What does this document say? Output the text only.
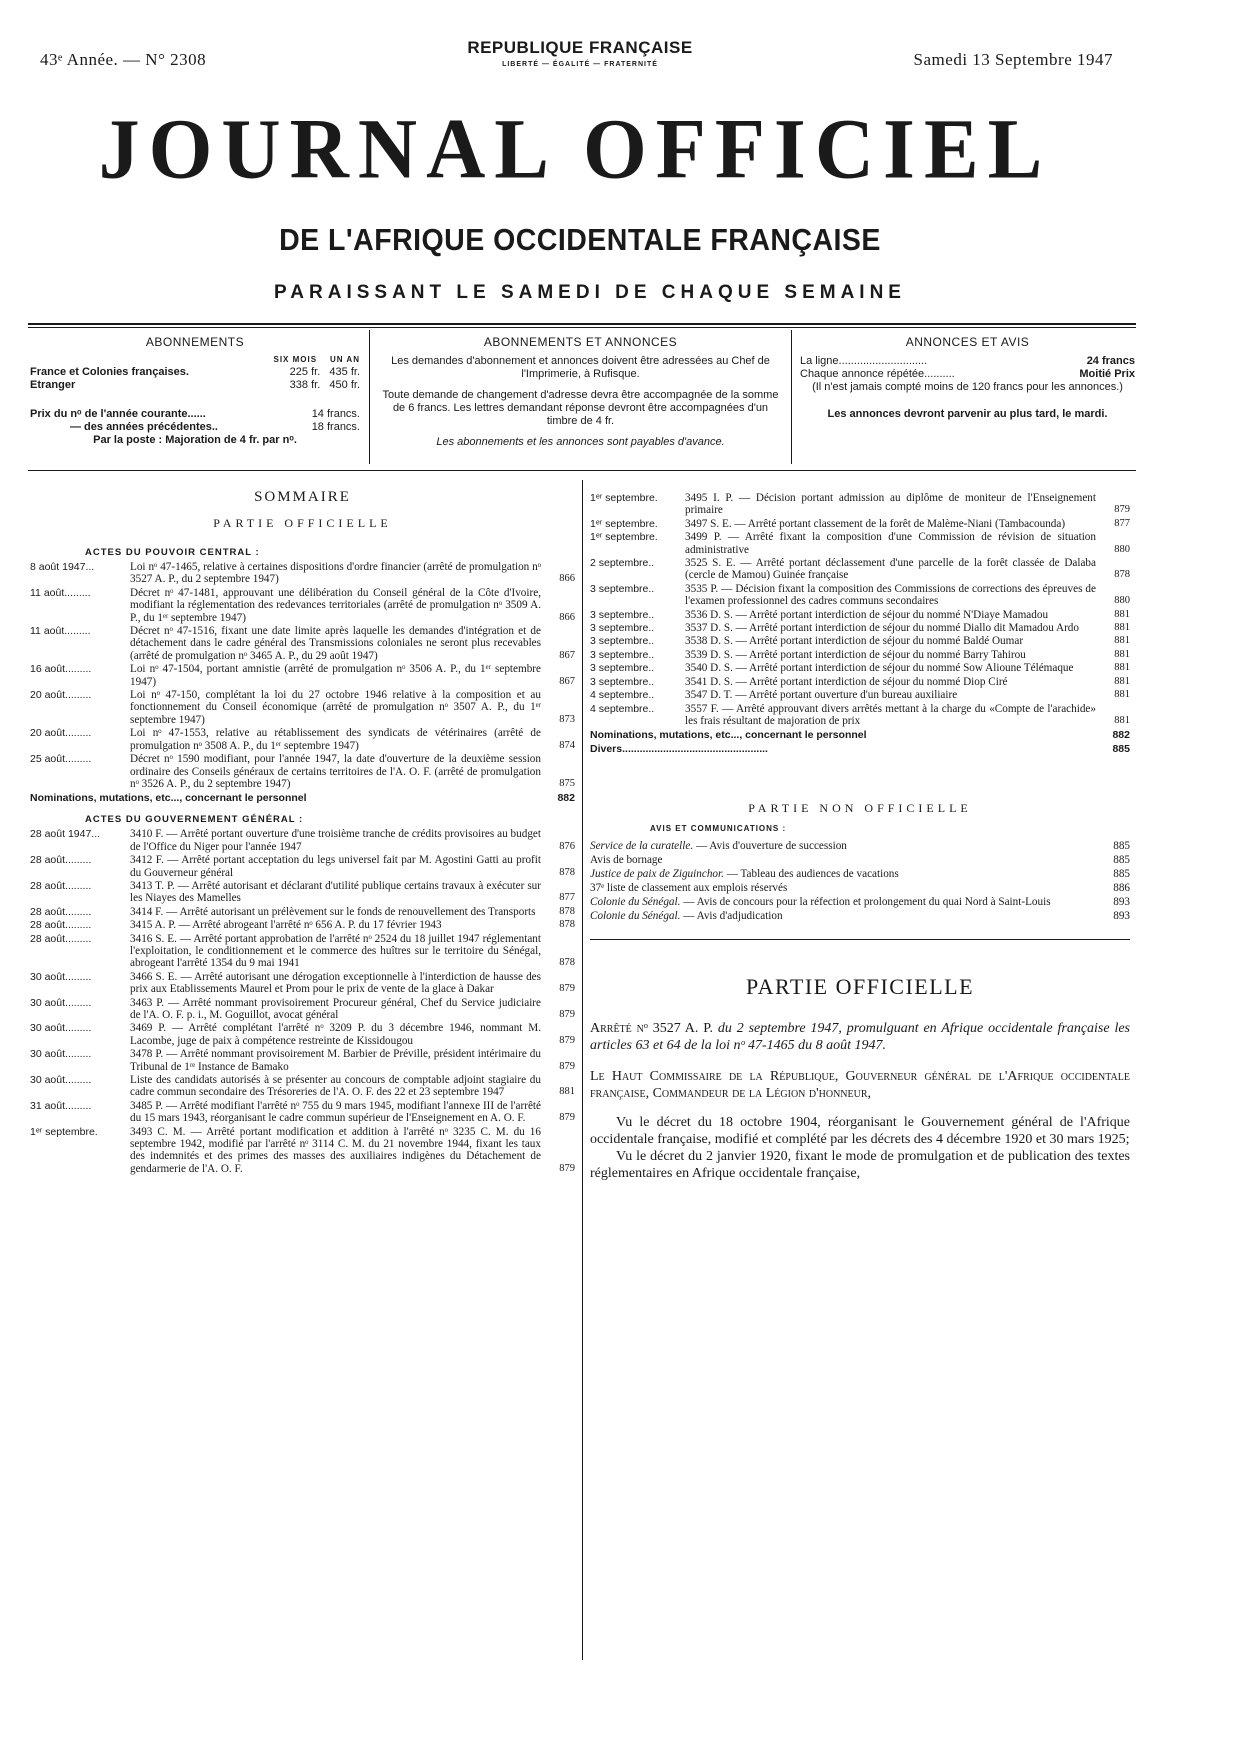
43ᵉ Année. — N° 2308
REPUBLIQUE FRANÇAISE
LIBERTÉ — ÉGALITÉ — FRATERNITÉ	Samedi 13 Septembre 1947
JOURNAL OFFICIEL
DE L'AFRIQUE OCCIDENTALE FRANÇAISE
PARAISSANT LE SAMEDI DE CHAQUE SEMAINE
ABONNEMENTS
SIX MOIS UN AN
France et Colonies françaises.	225 fr. 435 fr.
Etranger	338 fr. 450 fr.
Prix du nᵒ de l'année courante......	14 francs.
— des années précédentes..	18 francs.
Par la poste : Majoration de 4 fr. par nᵒ.
ABONNEMENTS ET ANNONCES

Les demandes d'abonnement et annonces doivent être adressées au Chef de l'Imprimerie, à Rufisque.

Toute demande de changement d'adresse devra être accompagnée de la somme de 6 francs. Les lettres demandant réponse devront être accompagnées d'un timbre de 4 fr.

Les abonnements et les annonces sont payables d'avance.

ANNONCES ET AVIS
La ligne.............................	24 francs
Chaque annonce répétée..........	Moitié Prix

(Il n'est jamais compté moins de 120 francs pour les annonces.)

Les annonces devront parvenir au plus tard, le mardi.

SOMMAIRE
PARTIE OFFICIELLE
ACTES DU POUVOIR CENTRAL :
8 août 1947...	Loi nᵒ 47-1465, relative à certaines dispositions d'ordre financier (arrêté de promulgation nᵒ 3527 A. P., du 2 septembre 1947)	866
11 août.........	Décret nᵒ 47-1481, approuvant une délibération du Conseil général de la Côte d'Ivoire, modifiant la réglementation des redevances territoriales (arrêté de promulgation nᵒ 3509 A. P., du 1ᵉʳ septembre 1947)	866
11 août.........	Décret nᵒ 47-1516, fixant une date limite après laquelle les demandes d'intégration et de détachement dans le cadre général des Transmissions coloniales ne seront plus recevables (arrêté de promulgation nᵒ 3465 A. P., du 29 août 1947)	867
16 août.........	Loi nᵒ 47-1504, portant amnistie (arrêté de promulgation nᵒ 3506 A. P., du 1ᵉʳ septembre 1947)	867
20 août.........	Loi nᵒ 47-150, complétant la loi du 27 octobre 1946 relative à la composition et au fonctionnement du Conseil économique (arrêté de promulgation nᵒ 3507 A. P., du 1ᵉʳ septembre 1947)	873
20 août.........	Loi nᵒ 47-1553, relative au rétablissement des syndicats de vétérinaires (arrêté de promulgation nᵒ 3508 A. P., du 1ᵉʳ septembre 1947)	874
25 août.........	Décret nᵒ 1590 modifiant, pour l'année 1947, la date d'ouverture de la deuxième session ordinaire des Conseils généraux de certains territoires de l'A. O. F. (arrêté de promulgation nᵒ 3526 A. P., du 2 septembre 1947)	875
Nominations, mutations, etc..., concernant le personnel	882
ACTES DU GOUVERNEMENT GÉNÉRAL :
28 août 1947...	3410 F. — Arrêté portant ouverture d'une troisième tranche de crédits provisoires au budget de l'Office du Niger pour l'année 1947	876
28 août.........	3412 F. — Arrêté portant acceptation du legs universel fait par M. Agostini Gatti au profit du Gouverneur général	878
28 août.........	3413 T. P. — Arrêté autorisant et déclarant d'utilité publique certains travaux à exécuter sur les Niayes des Mamelles	877
28 août.........	3414 F. — Arrêté autorisant un prélèvement sur le fonds de renouvellement des Transports	878
28 août.........	3415 A. P. — Arrêté abrogeant l'arrêté nᵒ 656 A. P. du 17 février 1943	878
28 août.........	3416 S. E. — Arrêté portant approbation de l'arrêté nᵒ 2524 du 18 juillet 1947 réglementant l'exploitation, le conditionnement et le commerce des huîtres sur le territoire du Sénégal, abrogeant l'arrêté 1354 du 9 mai 1941	878
30 août.........	3466 S. E. — Arrêté autorisant une dérogation exceptionnelle à l'interdiction de hausse des prix aux Etablissements Maurel et Prom pour le prix de vente de la glace à Dakar	879
30 août.........	3463 P. — Arrêté nommant provisoirement Procureur général, Chef du Service judiciaire de l'A. O. F. p. i., M. Goguillot, avocat général	879
30 août.........	3469 P. — Arrêté complétant l'arrêté nᵒ 3209 P. du 3 décembre 1946, nommant M. Lacombe, juge de paix à compétence restreinte de Kissidougou	879
30 août.........	3478 P. — Arrêté nommant provisoirement M. Barbier de Préville, président intérimaire du Tribunal de 1ʳᵉ Instance de Bamako	879
30 août.........	Liste des candidats autorisés à se présenter au concours de comptable adjoint stagiaire du cadre commun secondaire des Trésoreries de l'A. O. F. des 22 et 23 septembre 1947	881
31 août.........	3485 P. — Arrêté modifiant l'arrêté nᵒ 755 du 9 mars 1945, modifiant l'annexe III de l'arrêté du 15 mars 1943, réorganisant le cadre commun supérieur de l'Enseignement en A. O. F.	879
1ᵉʳ septembre.	3493 C. M. — Arrêté portant modification et addition à l'arrêté nᵒ 3235 C. M. du 16 septembre 1942, modifié par l'arrêté nᵒ 3114 C. M. du 21 novembre 1944, fixant les taux des indemnités et des primes des masses des auxiliaires indigènes du Détachement de gendarmerie de l'A. O. F.	879
1ᵉʳ septembre.	3495 I. P. — Décision portant admission au diplôme de moniteur de l'Enseignement primaire	879
1ᵉʳ septembre.	3497 S. E. — Arrêté portant classement de la forêt de Malème-Niani (Tambacounda)	877
1ᵉʳ septembre.	3499 P. — Arrêté fixant la composition d'une Commission de révision de situation administrative	880
2 septembre..	3525 S. E. — Arrêté portant déclassement d'une parcelle de la forêt classée de Dalaba (cercle de Mamou) Guinée française	878
3 septembre..	3535 P. — Décision fixant la composition des Commissions de corrections des épreuves de l'examen professionnel des cadres communs secondaires	880
3 septembre..	3536 D. S. — Arrêté portant interdiction de séjour du nommé N'Diaye Mamadou	881
3 septembre..	3537 D. S. — Arrêté portant interdiction de séjour du nommé Diallo dit Mamadou Ardo	881
3 septembre..	3538 D. S. — Arrêté portant interdiction de séjour du nommé Baldé Oumar	881
3 septembre..	3539 D. S. — Arrêté portant interdiction de séjour du nommé Barry Tahirou	881
3 septembre..	3540 D. S. — Arrêté portant interdiction de séjour du nommé Sow Alioune Télémaque	881
3 septembre..	3541 D. S. — Arrêté portant interdiction de séjour du nommé Diop Ciré	881
4 septembre..	3547 D. T. — Arrêté portant ouverture d'un bureau auxiliaire	881
4 septembre..	3557 F. — Arrêté approuvant divers arrêtés mettant à la charge du «Compte de l'arachide» les frais résultant de majoration de prix	881
Nominations, mutations, etc..., concernant le personnel	882
Divers..................................................	885
PARTIE NON OFFICIELLE
AVIS ET COMMUNICATIONS :
Service de la curatelle. — Avis d'ouverture de succession	885
Avis de bornage	885
Justice de paix de Ziguinchor. — Tableau des audiences de vacations	885
37ᵉ liste de classement aux emplois réservés	886
Colonie du Sénégal. — Avis de concours pour la réfection et prolongement du quai Nord à Saint-Louis	893
Colonie du Sénégal. — Avis d'adjudication	893
PARTIE OFFICIELLE
Arrêté nᵒ 3527 A. P. du 2 septembre 1947, promulguant en Afrique occidentale française les articles 63 et 64 de la loi nᵒ 47-1465 du 8 août 1947.
Le Haut Commissaire de la République, Gouverneur général de l'Afrique occidentale française, Commandeur de la Légion d'honneur,

Vu le décret du 18 octobre 1904, réorganisant le Gouvernement général de l'Afrique occidentale française, modifié et complété par les décrets des 4 décembre 1920 et 30 mars 1925;

Vu le décret du 2 janvier 1920, fixant le mode de promulgation et de publication des textes réglementaires en Afrique occidentale française,
